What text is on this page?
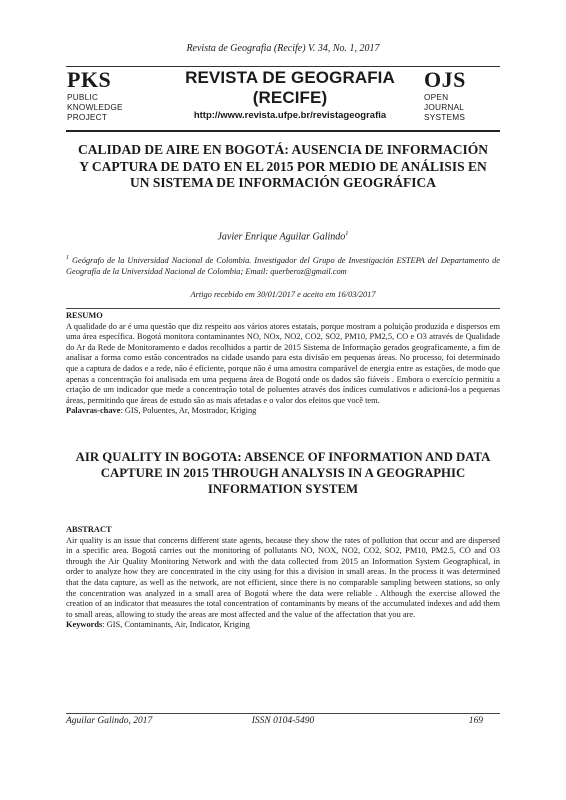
Revista de Geografia (Recife) V. 34, No. 1, 2017
PKS
PUBLIC
KNOWLEDGE
PROJECT
REVISTA DE GEOGRAFIA
(RECIFE)
http://www.revista.ufpe.br/revistageografia
OJS
OPEN
JOURNAL
SYSTEMS
CALIDAD DE AIRE EN BOGOTÁ: AUSENCIA DE INFORMACIÓN Y CAPTURA DE DATO EN EL 2015 POR MEDIO DE ANÁLISIS EN UN SISTEMA DE INFORMACIÓN GEOGRÁFICA
Javier Enrique Aguilar Galindo$^1$
$^1$ Geógrafo de la Universidad Nacional de Colombia. Investigador del Grupo de Investigación ESTEPA del Departamento de Geografía de la Universidad Nacional de Colombia; Email: querberoz@gmail.com
Artigo recebido em 30/01/2017 e aceito em 16/03/2017
RESUMO
A qualidade do ar é uma questão que diz respeito aos vários atores estatais, porque mostram a poluição produzida e dispersos em uma área específica. Bogotá monitora contaminantes NO, NOx, NO2, CO2, SO2, PM10, PM2,5, CO e O3 através de Qualidade do Ar da Rede de Monitoramento e dados recolhidos a partir de 2015 Sistema de Informação gerados geograficamente, a fim de analisar a forma como estão concentrados na cidade usando para esta divisão em pequenas áreas. No processo, foi determinado que a captura de dados e a rede, não é eficiente, porque não é uma amostra comparável de energia entre as estações, de modo que apenas a concentração foi analisada em uma pequena área de Bogotá onde os dados são fiáveis . Embora o exercício permitiu a criação de um indicador que mede a concentração total de poluentes através dos índices cumulativos e adicioná-los a pequenas áreas, permitindo que áreas de estudo são as mais afetadas e o valor dos efeitos que você tem.
Palavras-chave: GIS, Poluentes, Ar, Mostrador, Kriging
AIR QUALITY IN BOGOTA: ABSENCE OF INFORMATION AND DATA CAPTURE IN 2015 THROUGH ANALYSIS IN A GEOGRAPHIC INFORMATION SYSTEM
ABSTRACT
Air quality is an issue that concerns different state agents, because they show the rates of pollution that occur and are dispersed in a specific area. Bogotá carries out the monitoring of pollutants NO, NOX, NO2, CO2, SO2, PM10, PM2.5, CO and O3 through the Air Quality Monitoring Network and with the data collected from 2015 an Information System Geographical, in order to analyze how they are concentrated in the city using for this a division in small areas. In the process it was determined that the data capture, as well as the network, are not efficient, since there is no comparable sampling between stations, so only the concentration was analyzed in a small area of Bogotá where the data were reliable . Although the exercise allowed the creation of an indicator that measures the total concentration of contaminants by means of the accumulated indexes and add them to small areas, allowing to study the areas are most affected and the value of the affectation that you are.
Keywords: GIS, Contaminants, Air, Indicator, Kriging
Aguilar Galindo, 2017	ISSN 0104-5490	169
